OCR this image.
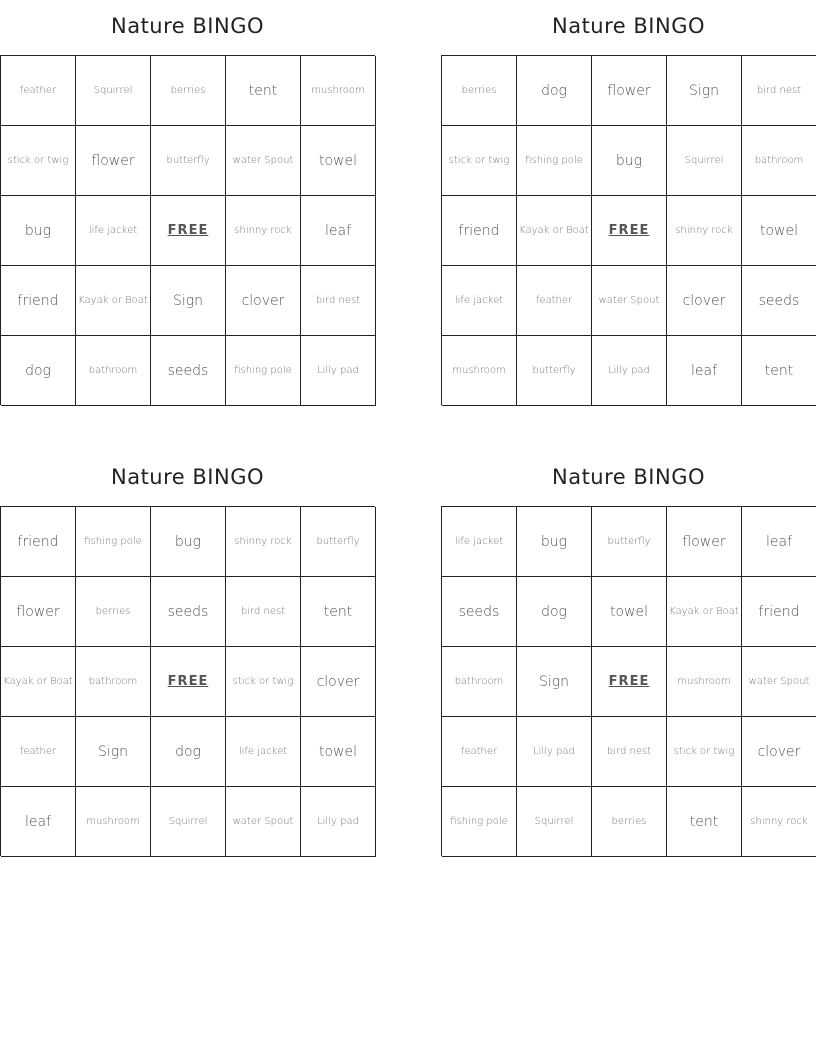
Nature BINGO
feather	Squirrel	berries	tent	mushroom
stick or twig	flower	butterfly	water Spout	towel
bug	life jacket	FREE	shinny rock	leaf
friend	Kayak or Boat	Sign	clover	bird nest
dog	bathroom	seeds	fishing pole	Lilly pad
Nature BINGO
berries	dog	flower	Sign	bird nest
stick or twig	fishing pole	bug	Squirrel	bathroom
friend	Kayak or Boat	FREE	shinny rock	towel
life jacket	feather	water Spout	clover	seeds
mushroom	butterfly	Lilly pad	leaf	tent
Nature BINGO
friend	fishing pole	bug	shinny rock	butterfly
flower	berries	seeds	bird nest	tent
Kayak or Boat	bathroom	FREE	stick or twig	clover
feather	Sign	dog	life jacket	towel
leaf	mushroom	Squirrel	water Spout	Lilly pad
Nature BINGO
life jacket	bug	butterfly	flower	leaf
seeds	dog	towel	Kayak or Boat	friend
bathroom	Sign	FREE	mushroom	water Spout
feather	Lilly pad	bird nest	stick or twig	clover
fishing pole	Squirrel	berries	tent	shinny rock
